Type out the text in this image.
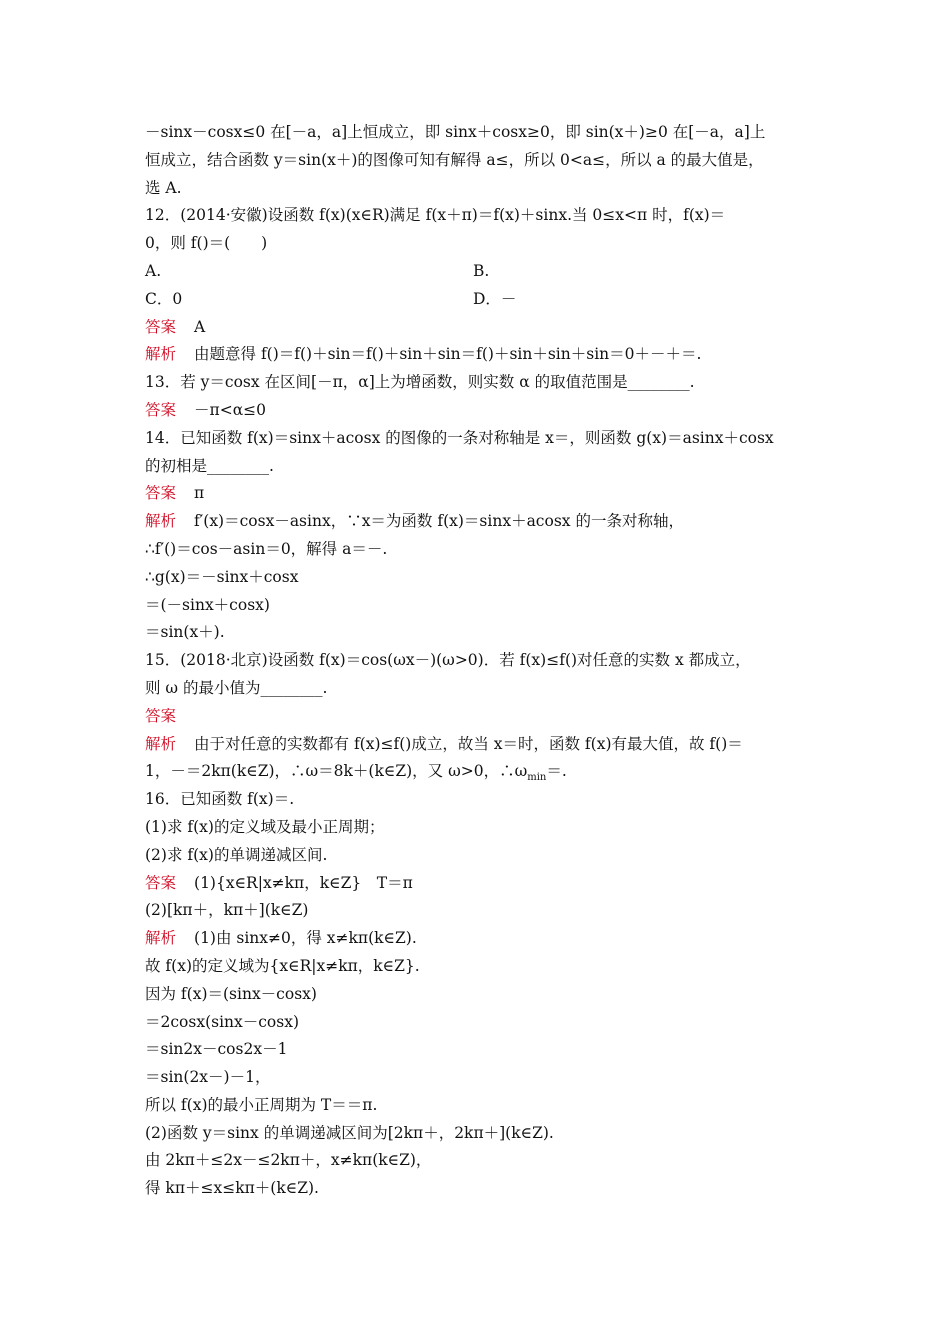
－sinx－cosx≤0 在[－a，a]上恒成立，即 sinx＋cosx≥0，即 sin(x＋)≥0 在[－a，a]上
恒成立，结合函数 y＝sin(x＋)的图像可知有解得 a≤，所以 0<a≤，所以 a 的最大值是，
选 A.
12．(2014·安徽)设函数 f(x)(x∈R)满足 f(x＋π)＝f(x)＋sinx.当 0≤x<π 时，f(x)＝
0，则 f()＝(　　)
A.	B.
C．0	D．－
答案 A
解析 由题意得 f()＝f()＋sin＝f()＋sin＋sin＝f()＋sin＋sin＋sin＝0＋－＋＝.
13．若 y＝cosx 在区间[－π，α]上为增函数，则实数 α 的取值范围是________.
答案 －π<α≤0
14．已知函数 f(x)＝sinx＋acosx 的图像的一条对称轴是 x＝，则函数 g(x)＝asinx＋cosx
的初相是________.
答案 π
解析 f′(x)＝cosx－asinx，∵x＝为函数 f(x)＝sinx＋acosx 的一条对称轴，
∴f′()＝cos－asin＝0，解得 a＝－.
∴g(x)＝－sinx＋cosx
＝(－sinx＋cosx)
＝sin(x＋).
15．(2018·北京)设函数 f(x)＝cos(ωx－)(ω>0)．若 f(x)≤f()对任意的实数 x 都成立，
则 ω 的最小值为________.
答案
解析 由于对任意的实数都有 f(x)≤f()成立，故当 x＝时，函数 f(x)有最大值，故 f()＝
1，－＝2kπ(k∈Z)，∴ω＝8k＋(k∈Z)，又 ω>0，$\therefore\omega_{min}=$.
16．已知函数 f(x)＝.
(1)求 f(x)的定义域及最小正周期；
(2)求 f(x)的单调递减区间.
答案 (1){x∈R|x≠kπ，k∈Z}　T＝π
(2)[kπ＋，kπ＋](k∈Z)
解析 (1)由 sinx≠0，得 x≠kπ(k∈Z).
故 f(x)的定义域为{x∈R|x≠kπ，k∈Z}.
因为 f(x)＝(sinx－cosx)
＝2cosx(sinx－cosx)
＝sin2x－cos2x－1
＝sin(2x－)－1，
所以 f(x)的最小正周期为 T＝＝π.
(2)函数 y＝sinx 的单调递减区间为[2kπ＋，2kπ＋](k∈Z).
由 2kπ＋≤2x－≤2kπ＋，x≠kπ(k∈Z)，
得 kπ＋≤x≤kπ＋(k∈Z).
